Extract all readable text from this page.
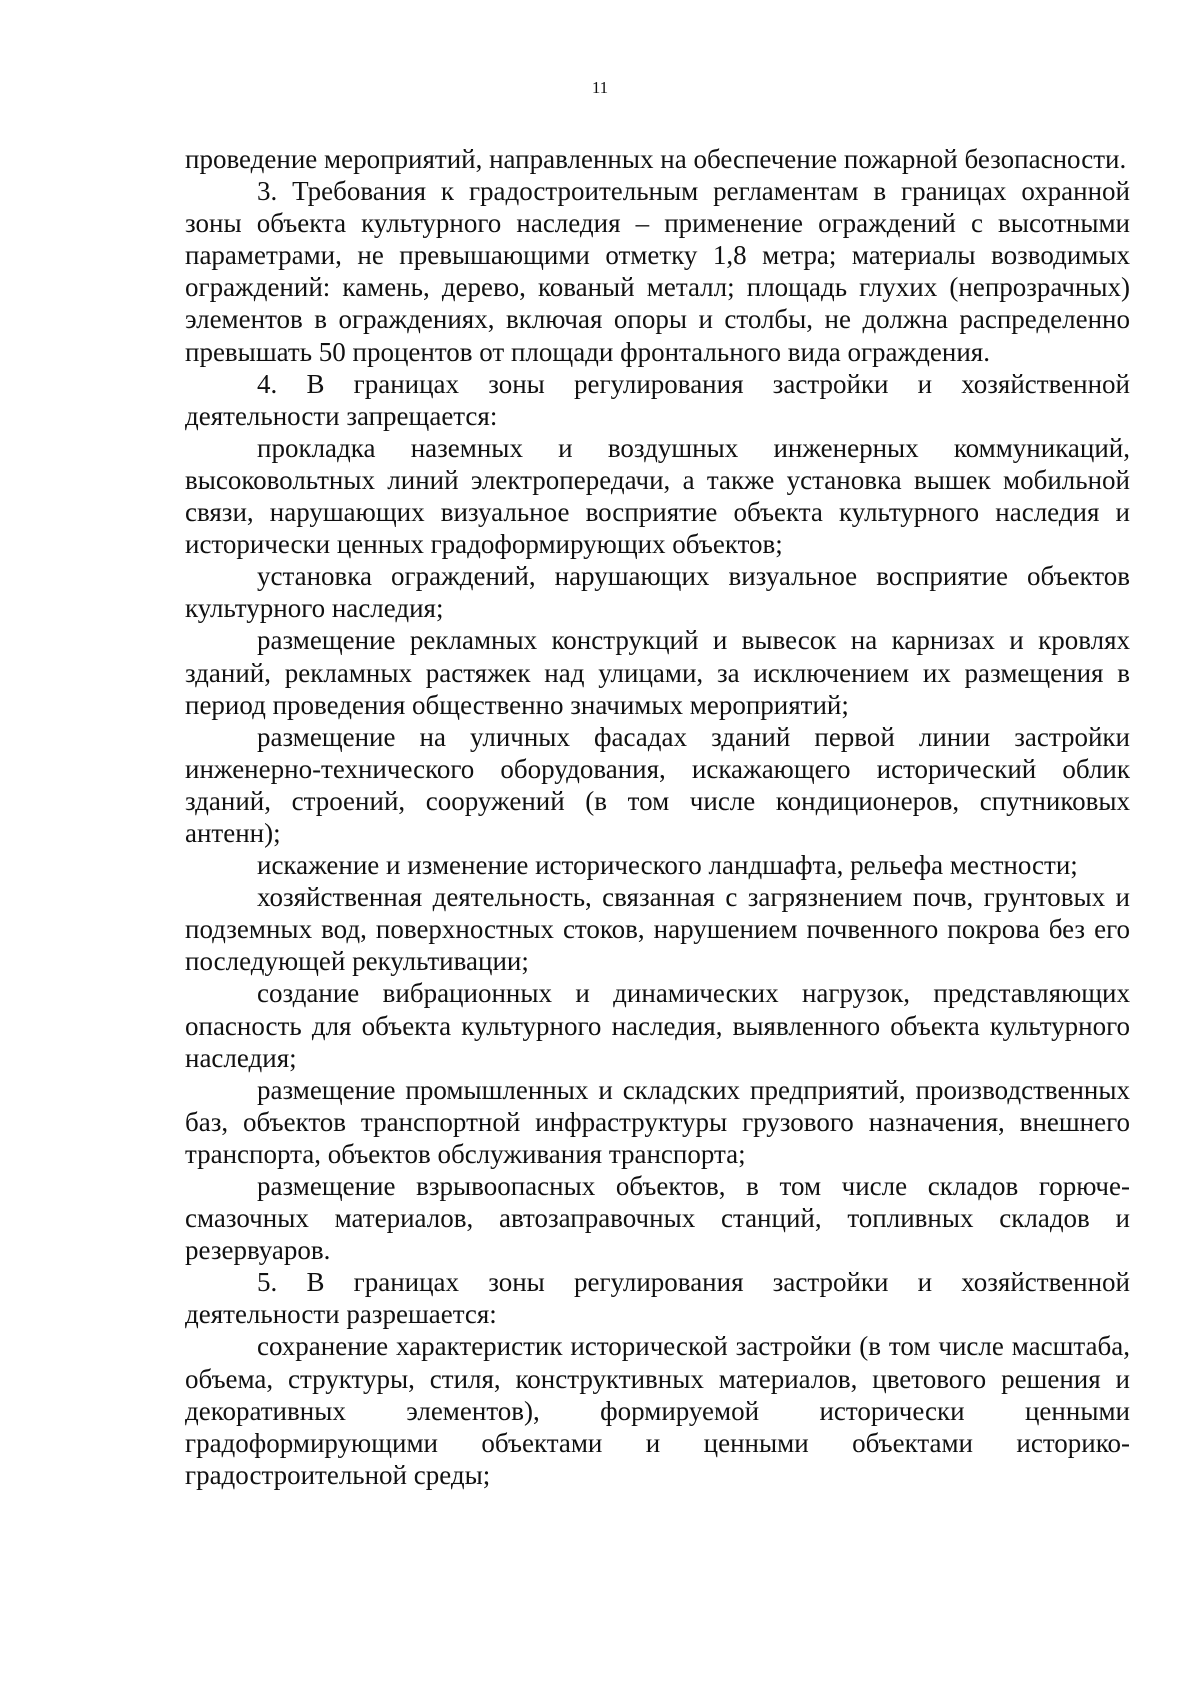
11

проведение мероприятий, направленных на обеспечение пожарной безопасности.

3. Требования к градостроительным регламентам в границах охранной зоны объекта культурного наследия – применение ограждений с высотными параметрами, не превышающими отметку 1,8 метра; материалы возводимых ограждений: камень, дерево, кованый металл; площадь глухих (непрозрачных) элементов в ограждениях, включая опоры и столбы, не должна распределенно превышать 50 процентов от площади фронтального вида ограждения.

4. В границах зоны регулирования застройки и хозяйственной деятельности запрещается:

прокладка наземных и воздушных инженерных коммуникаций, высоковольтных линий электропередачи, а также установка вышек мобильной связи, нарушающих визуальное восприятие объекта культурного наследия и исторически ценных градоформирующих объектов;

установка ограждений, нарушающих визуальное восприятие объектов культурного наследия;

размещение рекламных конструкций и вывесок на карнизах и кровлях зданий, рекламных растяжек над улицами, за исключением их размещения в период проведения общественно значимых мероприятий;

размещение на уличных фасадах зданий первой линии застройки инженерно-технического оборудования, искажающего исторический облик зданий, строений, сооружений (в том числе кондиционеров, спутниковых антенн);

искажение и изменение исторического ландшафта, рельефа местности;

хозяйственная деятельность, связанная с загрязнением почв, грунтовых и подземных вод, поверхностных стоков, нарушением почвенного покрова без его последующей рекультивации;

создание вибрационных и динамических нагрузок, представляющих опасность для объекта культурного наследия, выявленного объекта культурного наследия;

размещение промышленных и складских предприятий, производственных баз, объектов транспортной инфраструктуры грузового назначения, внешнего транспорта, объектов обслуживания транспорта;

размещение взрывоопасных объектов, в том числе складов горюче-смазочных материалов, автозаправочных станций, топливных складов и резервуаров.

5. В границах зоны регулирования застройки и хозяйственной деятельности разрешается:

сохранение характеристик исторической застройки (в том числе масштаба, объема, структуры, стиля, конструктивных материалов, цветового решения и декоративных элементов), формируемой исторически ценными градоформирующими объектами и ценными объектами историко-градостроительной среды;
